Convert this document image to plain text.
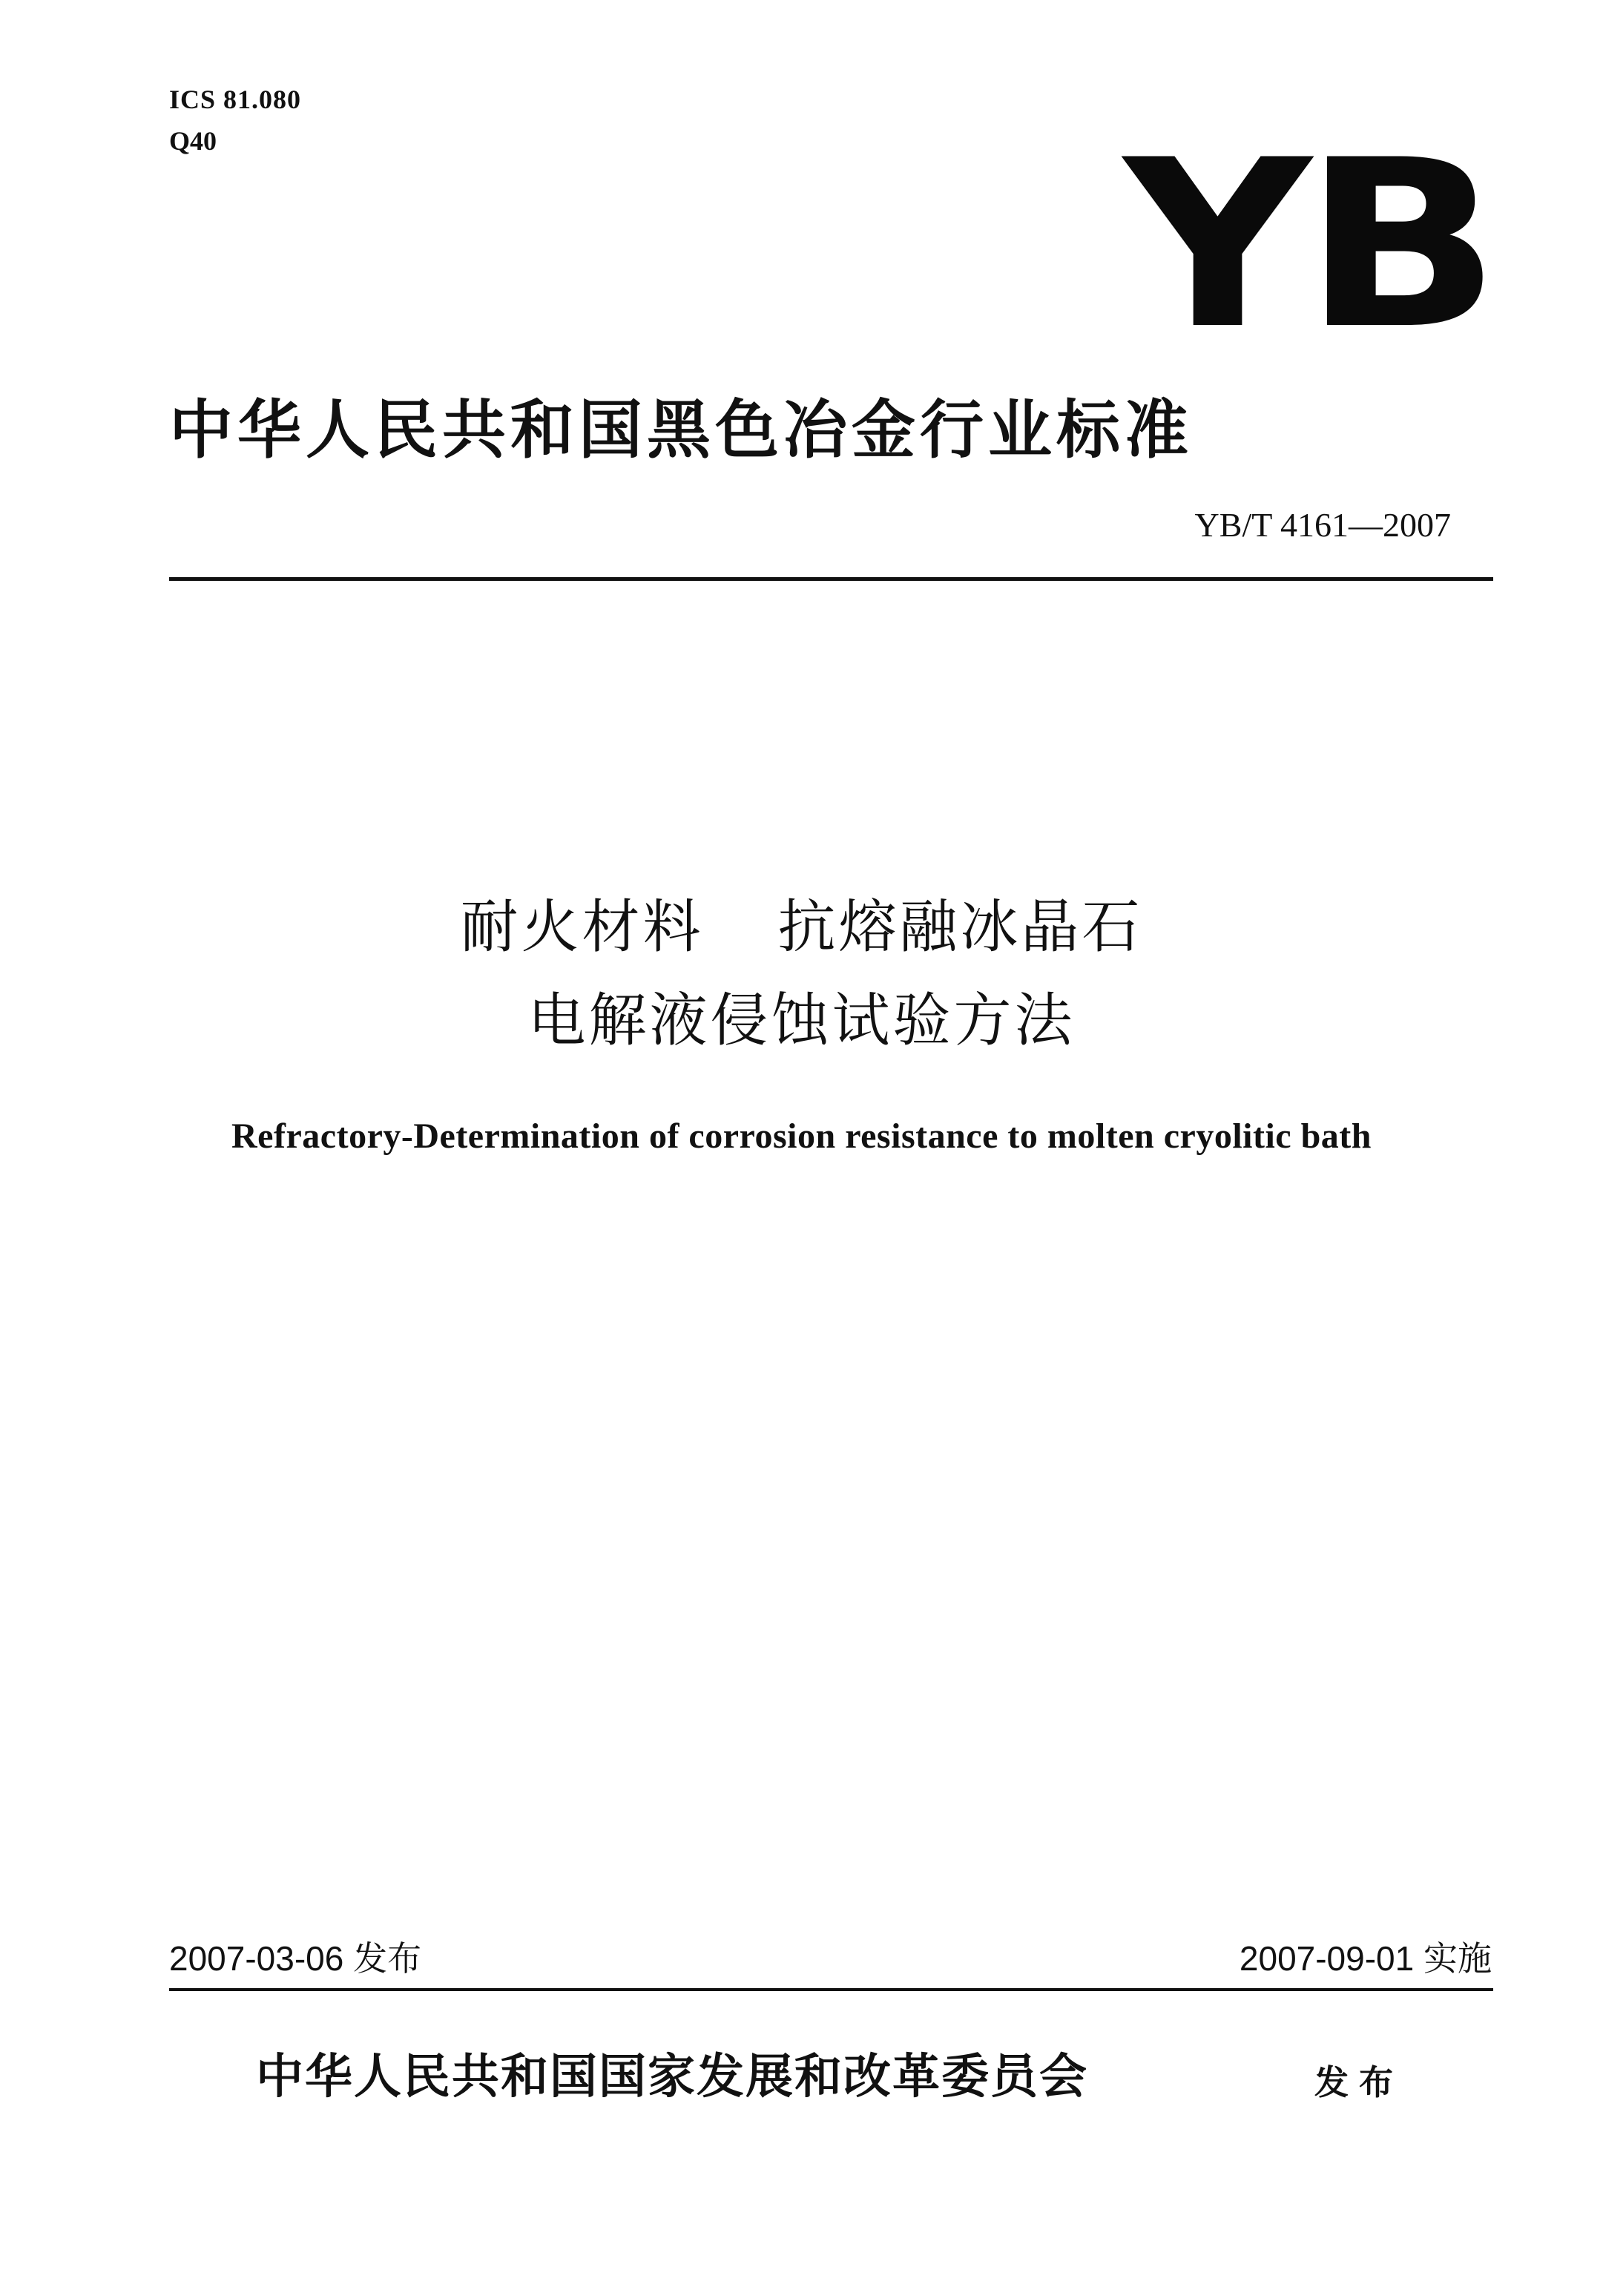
ICS 81.080
Q40	YB
中华人民共和国黑色冶金行业标准
YB/T 4161—2007
耐火材料 抗熔融冰晶石
电解液侵蚀试验方法
Refractory-Determination of corrosion resistance to molten cryolitic bath
2007-03-06 发布	2007-09-01 实施
中华人民共和国国家发展和改革委员会	发布
